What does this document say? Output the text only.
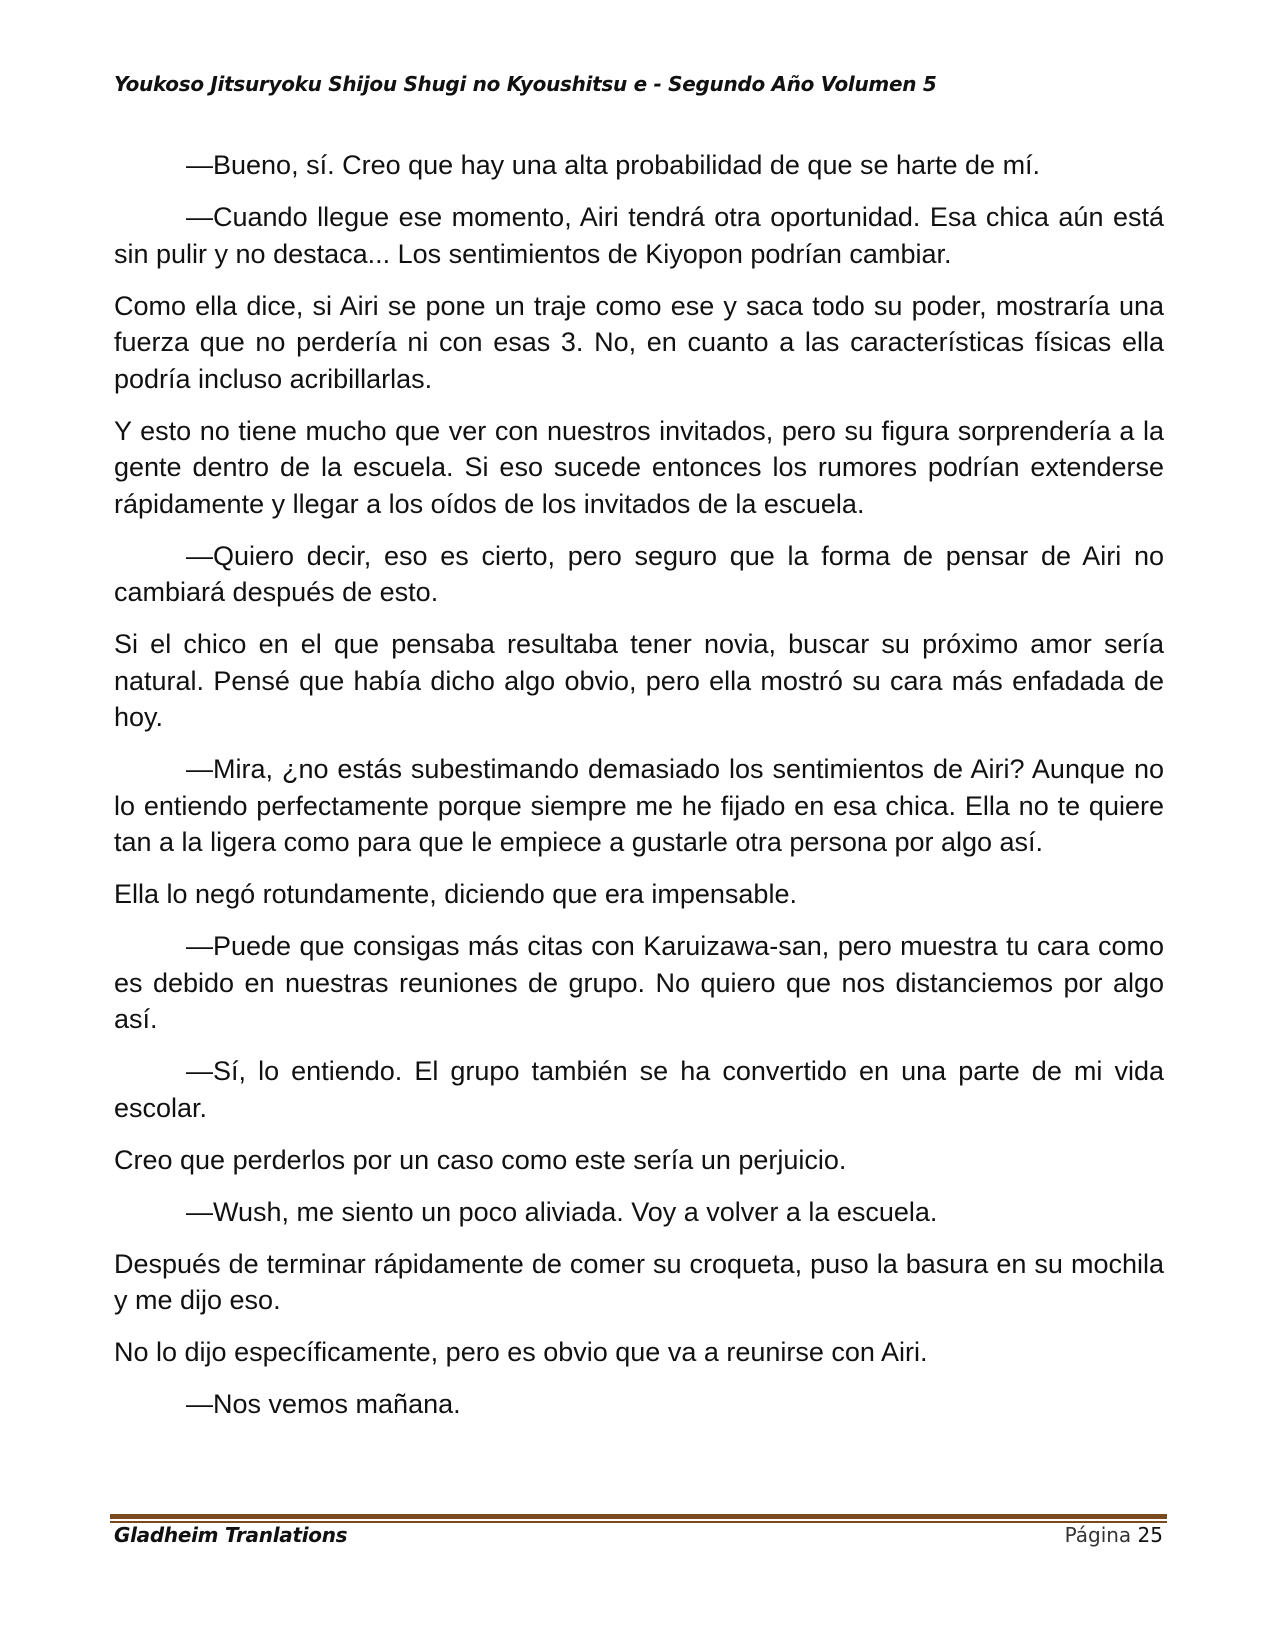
Youkoso Jitsuryoku Shijou Shugi no Kyoushitsu e - Segundo Año Volumen 5

—Bueno, sí. Creo que hay una alta probabilidad de que se harte de mí.

—Cuando llegue ese momento, Airi tendrá otra oportunidad. Esa chica aún está sin pulir y no destaca... Los sentimientos de Kiyopon podrían cambiar.

Como ella dice, si Airi se pone un traje como ese y saca todo su poder, mostraría una fuerza que no perdería ni con esas 3. No, en cuanto a las características físicas ella podría incluso acribillarlas.

Y esto no tiene mucho que ver con nuestros invitados, pero su figura sorprendería a la gente dentro de la escuela. Si eso sucede entonces los rumores podrían extenderse rápidamente y llegar a los oídos de los invitados de la escuela.

—Quiero decir, eso es cierto, pero seguro que la forma de pensar de Airi no cambiará después de esto.

Si el chico en el que pensaba resultaba tener novia, buscar su próximo amor sería natural. Pensé que había dicho algo obvio, pero ella mostró su cara más enfadada de hoy.

—Mira, ¿no estás subestimando demasiado los sentimientos de Airi? Aunque no lo entiendo perfectamente porque siempre me he fijado en esa chica. Ella no te quiere tan a la ligera como para que le empiece a gustarle otra persona por algo así.

Ella lo negó rotundamente, diciendo que era impensable.

—Puede que consigas más citas con Karuizawa-san, pero muestra tu cara como es debido en nuestras reuniones de grupo. No quiero que nos distanciemos por algo así.

—Sí, lo entiendo. El grupo también se ha convertido en una parte de mi vida escolar.

Creo que perderlos por un caso como este sería un perjuicio.

—Wush, me siento un poco aliviada. Voy a volver a la escuela.

Después de terminar rápidamente de comer su croqueta, puso la basura en su mochila y me dijo eso.

No lo dijo específicamente, pero es obvio que va a reunirse con Airi.

—Nos vemos mañana.

Gladheim Tranlations	Página 25
